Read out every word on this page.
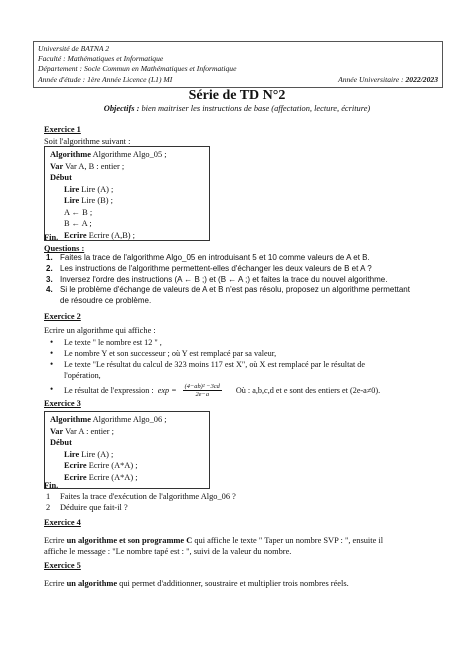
Université de BATNA 2
Faculté : Mathématiques et Informatique
Département : Socle Commun en Mathématiques et Informatique
Année d'étude : 1ère Année Licence (L1) MI	Année Universitaire : 2022/2023
Série de TD N°2
Objectifs : bien maitriser les instructions de base (affectation, lecture, écriture)
Exercice 1
Soit l'algorithme suivant :
Algorithme Algorithme Algo_05 ;
Var Var A, B : entier ;
Début
Lire Lire (A) ;
Lire Lire (B) ;
A ← B ;
B ← A ;
Ecrire Ecrire (A,B) ;
Fin.
Questions :
1. Faites la trace de l'algorithme Algo_05 en introduisant 5 et 10 comme valeurs de A et B.
2. Les instructions de l'algorithme permettent-elles d'échanger les deux valeurs de B et A ?
3. Inversez l'ordre des instructions (A ← B ;) et (B ← A ;) et faites la trace du nouvel algorithme.
4. Si le problème d'échange de valeurs de A et B n'est pas résolu, proposez un algorithme permettant
de résoudre ce problème.
Exercice 2
Ecrire un algorithme qui affiche :
• Le texte " le nombre est 12 " ,
• Le nombre Y et son successeur ; où Y est remplacé par sa valeur,
• Le texte "Le résultat du calcul de 323 moins 117 est X", où X est remplacé par le résultat de
l'opération,
• Le résultat de l'expression : $\exp = \frac{\text{(4−ab)² −3cd}}{2e-a}$ Où : a,b,c,d et e sont des entiers et (2e-a≠0).
Exercice 3
Algorithme Algorithme Algo_06 ;
Var Var A : entier ;
Début
Lire Lire (A) ;
Ecrire Ecrire (A*A) ;
Ecrire Ecrire (A*A) ;
Fin.
1 Faites la trace d'exécution de l'algorithme Algo_06 ?
2 Déduire que fait-il ?
Exercice 4
Ecrire un algorithme et son programme C qui affiche le texte " Taper un nombre SVP : ", ensuite il
affiche le message : "Le nombre tapé est : ", suivi de la valeur du nombre.
Exercice 5
Ecrire un algorithme qui permet d'additionner, soustraire et multiplier trois nombres réels.
